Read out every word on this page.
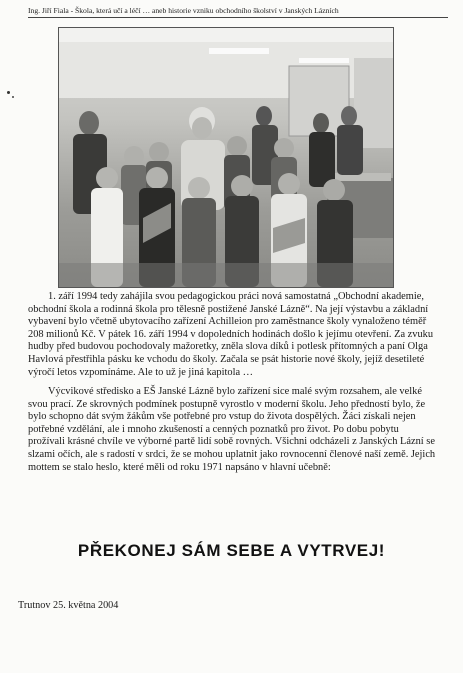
Ing. Jiří Fiala - Škola, která učí a léčí … aneb historie vzniku obchodního školství v Janských Lázních

1. září 1994 tedy zahájila svou pedagogickou práci nová samostatná „Obchodní akademie, obchodní škola a rodinná škola pro tělesně postižené Janské Lázně“. Na její výstavbu a základní vybavení bylo včetně ubytovacího zařízení Achilleion pro zaměstnance školy vynaloženo téměř 208 milionů Kč. V pátek 16. září 1994 v dopoledních hodinách došlo k jejímu otevření. Za zvuku hudby před budovou pochodovaly mažoretky, zněla slova díků i potlesk přítomných a paní Olga Havlová přestřihla pásku ke vchodu do školy. Začala se psát historie nové školy, jejíž desetileté výročí letos vzpomínáme. Ale to už je jiná kapitola …

Výcvikové středisko a EŠ Janské Lázně bylo zařízení sice malé svým rozsahem, ale velké svou prací. Ze skrovných podmínek postupně vyrostlo v moderní školu. Jeho předností bylo, že bylo schopno dát svým žákům vše potřebné pro vstup do života dospělých. Žáci získali nejen potřebné vzdělání, ale i mnoho zkušeností a cenných poznatků pro život. Po dobu pobytu prožívali krásné chvíle ve výborné partě lidí sobě rovných. Všichni odcházeli z Janských Lázní se slzami očích, ale s radostí v srdci, že se mohou uplatnit jako rovnocenní členové naší země. Jejich mottem se stalo heslo, které měli od roku 1971 napsáno v hlavní učebně:

PŘEKONEJ SÁM SEBE A VYTRVEJ!

Trutnov 25. května 2004
